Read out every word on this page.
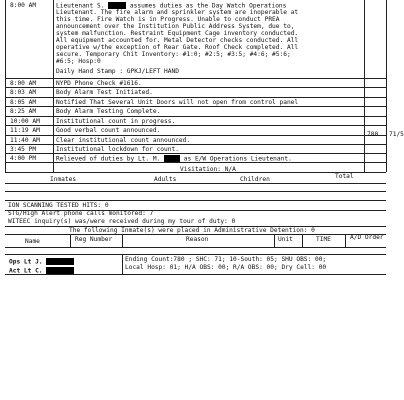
8:00 AM	Lieutenant S.	assumes duties as the Day Watch Operations
Lieutenant. The fire alarm and sprinkler system are inoperable at
this time. Fire Watch is in Progress. Unable to conduct PREA
announcement over the Institution Public Address System, due to,
system malfunction. Restraint Equipment Cage inventory conducted.
All equipment accounted for. Metal Detector checks conducted. All
operative w/the exception of Rear Gate. Roof Check completed. All
secure. Temporary Chit Inventory: #1:0; #2:5; #3:5; #4:6; #5:6;
#6:5; Hosp:0
Daily Hand Stamp : GPKJ/LEFT HAND
8:00 AM	NYPD Phone Check #1616.
8:03 AM	Body Alarm Test Initiated.
8:05 AM	Notified That Several Unit Doors will not open from control panel
8:25 AM	Body Alarm Testing Complete.
10:00 AM	Institutional count in progress.
11:19 AM	Good verbal count announced.
11:40 AM	Clear institutional count announced.
780 71/5
3:45 PM	Institutional lockdown for count.
4:00 PM	Relieved of duties by Lt. M.	as E/W Operations Lieutenant.
Visitation: N/A
Inmates	Adults	Children	Total
ION SCANNING TESTED HITS: 0
STG/High Alert phone calls monitored: 7
WITEEC inquiry(s) was/were received during my tour of duty: 0
The following Inmate(s) were placed in Administrative Detention: 0
Name	Reg Number	Reason	Unit	TIME	A/D Order
Ops Lt J.
Act Lt C.
Ending Count:780 ; SHC: 71; 10-South: 05; SHU OBS: 00;
Local Hosp: 01; H/A OBS: 00; R/A OBS: 00; Dry Cell: 00
